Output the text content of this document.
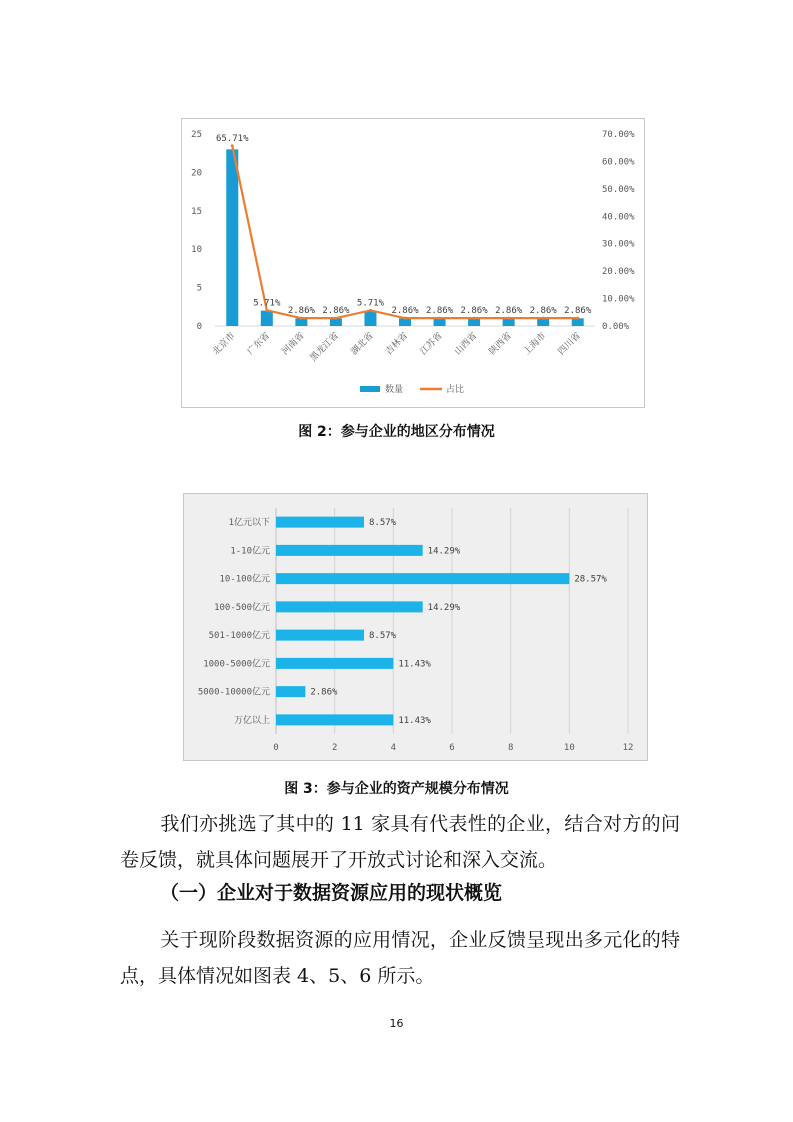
0
5
10
15
20
25
0.00%
10.00%
20.00%
30.00%
40.00%
50.00%
60.00%
70.00%
65.71%
5.71%
2.86% 2.86%
5.71%
2.86% 2.86% 2.86% 2.86% 2.86% 2.86%
北京市 广东省 河南省 黑龙江省 湖北省 吉林省 江苏省 山西省 陕西省 上海市 四川省
数量	占比
图 2：参与企业的地区分布情况
0	2	4	6	8	10	12
1亿元以下	8.57%
1-10亿元	14.29%
10-100亿元	28.57%
100-500亿元	14.29%
501-1000亿元	8.57%
1000-5000亿元	11.43%
5000-10000亿元	2.86%
万亿以上	11.43%
图 3：参与企业的资产规模分布情况

我们亦挑选了其中的 11 家具有代表性的企业，结合对方的问卷反馈，就具体问题展开了开放式讨论和深入交流。

（一）企业对于数据资源应用的现状概览

关于现阶段数据资源的应用情况，企业反馈呈现出多元化的特点，具体情况如图表 4、5、6 所示。

16
